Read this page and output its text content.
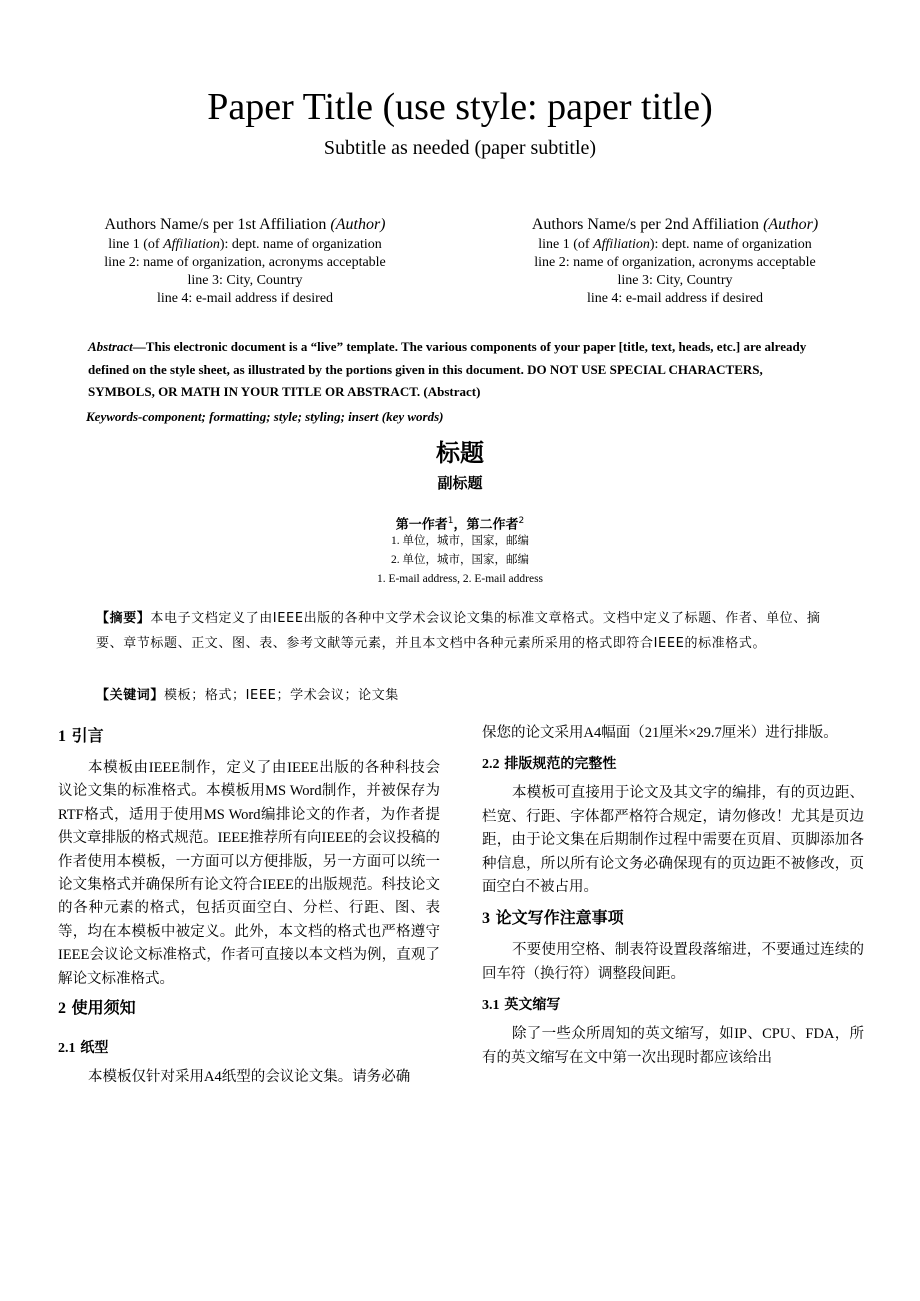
Paper Title (use style: paper title)
Subtitle as needed (paper subtitle)
Authors Name/s per 1st Affiliation (Author)
line 1 (of Affiliation): dept. name of organization
line 2: name of organization, acronyms acceptable
line 3: City, Country
line 4: e-mail address if desired
Authors Name/s per 2nd Affiliation (Author)
line 1 (of Affiliation): dept. name of organization
line 2: name of organization, acronyms acceptable
line 3: City, Country
line 4: e-mail address if desired
Abstract—This electronic document is a “live” template. The various components of your paper [title, text, heads, etc.] are already defined on the style sheet, as illustrated by the portions given in this document. DO NOT USE SPECIAL CHARACTERS, SYMBOLS, OR MATH IN YOUR TITLE OR ABSTRACT. (Abstract)
Keywords-component; formatting; style; styling; insert (key words)
标题
副标题
第一作者$^1$，第二作者$^2$
1. 单位，城市，国家，邮编
2. 单位，城市，国家，邮编
1. E-mail address, 2. E-mail address
【摘要】本电子文档定义了由IEEE出版的各种中文学术会议论文集的标准文章格式。文档中定义了标题、作者、单位、摘要、章节标题、正文、图、表、参考文献等元素，并且本文档中各种元素所采用的格式即符合IEEE的标准格式。
【关键词】模板；格式；IEEE；学术会议；论文集
1 引言

本模板由IEEE制作，定义了由IEEE出版的各种科技会议论文集的标准格式。本模板用MS Word制作，并被保存为RTF格式，适用于使用MS Word编排论文的作者，为作者提供文章排版的格式规范。IEEE推荐所有向IEEE的会议投稿的作者使用本模板，一方面可以方便排版，另一方面可以统一论文集格式并确保所有论文符合IEEE的出版规范。科技论文的各种元素的格式，包括页面空白、分栏、行距、图、表等，均在本模板中被定义。此外，本文档的格式也严格遵守IEEE会议论文标准格式，作者可直接以本文档为例，直观了解论文标准格式。

2 使用须知
2.1 纸型

本模板仅针对采用A4纸型的会议论文集。请务必确

保您的论文采用A4幅面（21厘米×29.7厘米）进行排版。

2.2 排版规范的完整性

本模板可直接用于论文及其文字的编排，有的页边距、栏宽、行距、字体都严格符合规定，请勿修改！尤其是页边距，由于论文集在后期制作过程中需要在页眉、页脚添加各种信息，所以所有论文务必确保现有的页边距不被修改，页面空白不被占用。

3 论文写作注意事项

不要使用空格、制表符设置段落缩进，不要通过连续的回车符（换行符）调整段间距。

3.1 英文缩写

除了一些众所周知的英文缩写，如IP、CPU、FDA，所有的英文缩写在文中第一次出现时都应该给出
